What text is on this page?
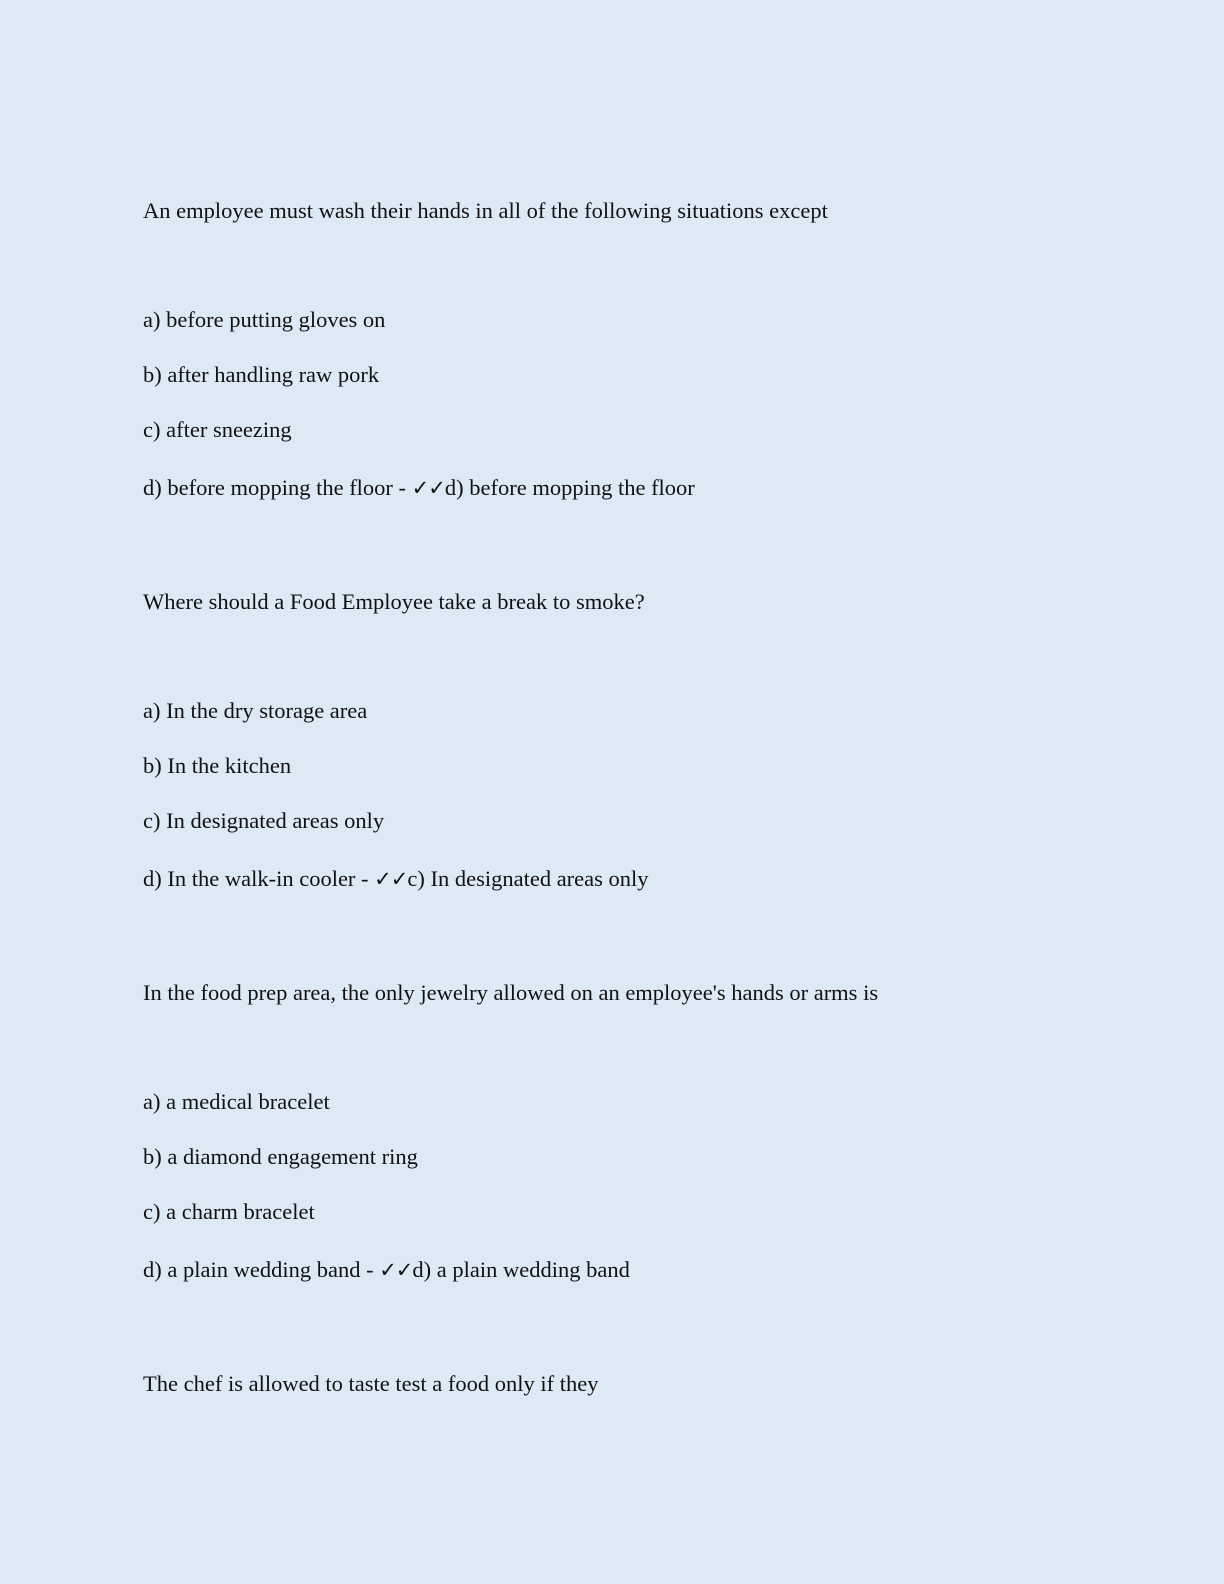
An employee must wash their hands in all of the following situations except
a) before putting gloves on
b) after handling raw pork
c) after sneezing
d) before mopping the floor - ✓✓d) before mopping the floor
Where should a Food Employee take a break to smoke?
a) In the dry storage area
b) In the kitchen
c) In designated areas only
d) In the walk-in cooler - ✓✓c) In designated areas only
In the food prep area, the only jewelry allowed on an employee's hands or arms is
a) a medical bracelet
b) a diamond engagement ring
c) a charm bracelet
d) a plain wedding band - ✓✓d) a plain wedding band
The chef is allowed to taste test a food only if they
